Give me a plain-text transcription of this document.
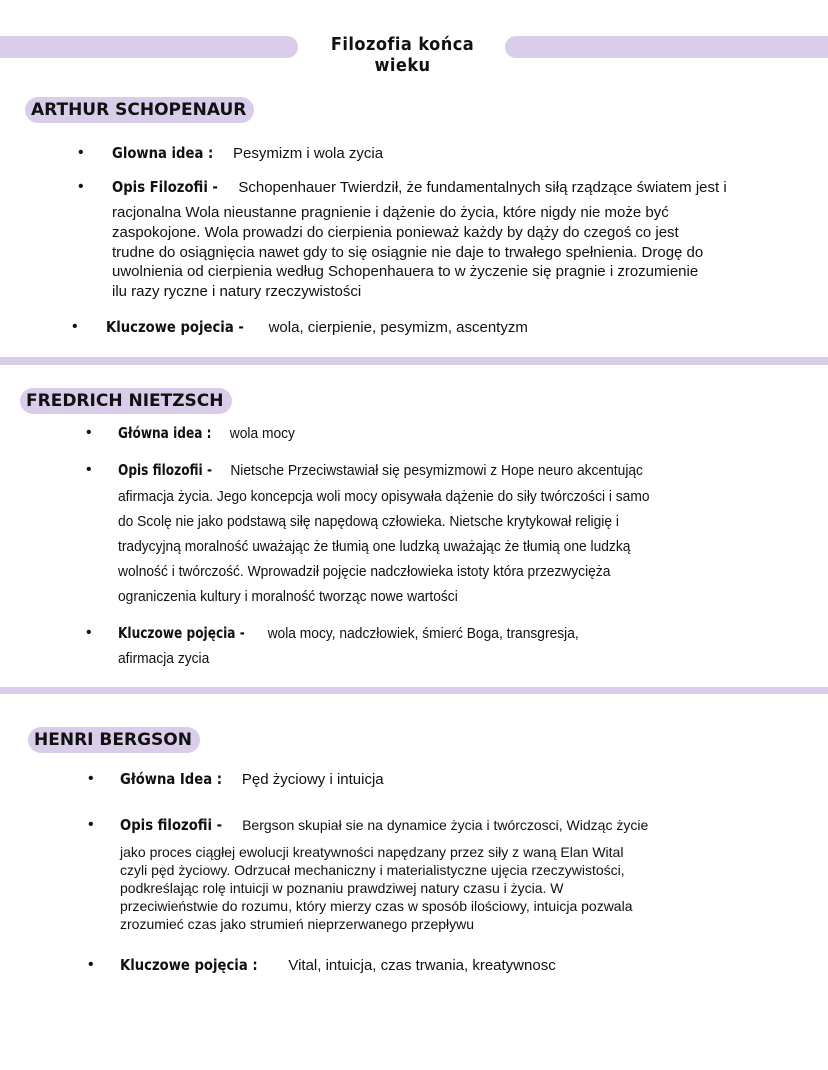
Filozofia końca wieku
ARTHUR SCHOPENAUR
• Glowna idea : Pesymizm i wola zycia
• Opis Filozofii - Schopenhauer Twierdził, że fundamentalnych siłą rządzące światem jest i
racjonalna Wola nieustanne pragnienie i dążenie do życia, które nigdy nie może być
zaspokojone. Wola prowadzi do cierpienia ponieważ każdy by dąży do czegoś co jest
trudne do osiągnięcia nawet gdy to się osiągnie nie daje to trwałego spełnienia. Drogę do
uwolnienia od cierpienia według Schopenhauera to w życzenie się pragnie i zrozumienie
ilu razy ryczne i natury rzeczywistości
• Kluczowe pojecia - wola, cierpienie, pesymizm, ascentyzm
FREDRICH NIETZSCH
• Główna idea : wola mocy
• Opis filozofii - Nietsche Przeciwstawiał się pesymizmowi z Hope neuro akcentując
afirmacja życia. Jego koncepcja woli mocy opisywała dążenie do siły twórczości i samo
do Scolę nie jako podstawą siłę napędową człowieka. Nietsche krytykował religię i
tradycyjną moralność uważając że tłumią one ludzką uważając że tłumią one ludzką
wolność i twórczość. Wprowadził pojęcie nadczłowieka istoty która przezwycięża
ograniczenia kultury i moralność tworząc nowe wartości
• Kluczowe pojęcia - wola mocy, nadczłowiek, śmierć Boga, transgresja,
afirmacja zycia
HENRI BERGSON
• Główna Idea : Pęd życiowy i intuicja
• Opis filozofii - Bergson skupiał sie na dynamice życia i twórczosci, Widząc życie
jako proces ciągłej ewolucji kreatywności napędzany przez siły z waną Elan Wital
czyli pęd życiowy. Odrzucał mechaniczny i materialistyczne ujęcia rzeczywistości,
podkreślając rolę intuicji w poznaniu prawdziwej natury czasu i życia. W
przeciwieństwie do rozumu, który mierzy czas w sposób ilościowy, intuicja pozwala
zrozumieć czas jako strumień nieprzerwanego przepływu
• Kluczowe pojęcia : Vital, intuicja, czas trwania, kreatywnosc
